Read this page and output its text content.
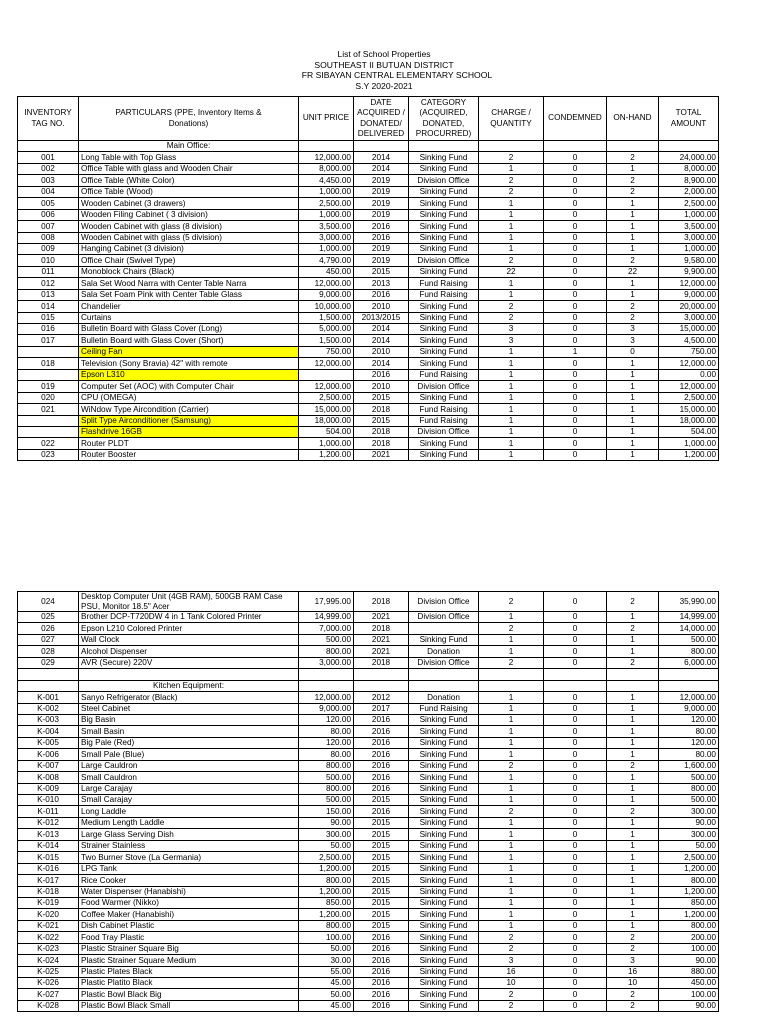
List of School Properties
SOUTHEAST II BUTUAN DISTRICT
FR SIBAYAN CENTRAL ELEMENTARY SCHOOL
S.Y 2020-2021
INVENTORY TAG NO.	PARTICULARS (PPE, Inventory Items & Donations)	UNIT PRICE	DATE ACQUIRED / DONATED/ DELIVERED	CATEGORY (ACQUIRED, DONATED, PROCURRED)	CHARGE / QUANTITY	CONDEMNED	ON-HAND	TOTAL AMOUNT
	Main Office:							
001	Long Table with Top Glass	12,000.00	2014	Sinking Fund	2	0	2	24,000.00
002	Office Table with glass and Wooden Chair	8,000.00	2014	Sinking Fund	1	0	1	8,000.00
003	Office Table (White Color)	4,450.00	2019	Division Office	2	0	2	8,900.00
004	Office Table (Wood)	1,000.00	2019	Sinking Fund	2	0	2	2,000.00
005	Wooden Cabinet (3 drawers)	2,500.00	2019	Sinking Fund	1	0	1	2,500.00
006	Wooden Filing Cabinet ( 3 division)	1,000.00	2019	Sinking Fund	1	0	1	1,000.00
007	Wooden Cabinet with glass (8 division)	3,500.00	2016	Sinking Fund	1	0	1	3,500.00
008	Wooden Cabinet with glass (5 division)	3,000.00	2016	Sinking Fund	1	0	1	3,000.00
009	Hanging Cabinet (3 division)	1,000.00	2019	Sinking Fund	1	0	1	1,000.00
010	Office Chair (Swivel Type)	4,790.00	2019	Division Office	2	0	2	9,580.00
011	Monoblock Chairs (Black)	450.00	2015	Sinking Fund	22	0	22	9,900.00
012	Sala Set Wood Narra with Center Table Narra	12,000.00	2013	Fund Raising	1	0	1	12,000.00
013	Sala Set Foam Pink with Center Table Glass	9,000.00	2016	Fund Raising	1	0	1	9,000.00
014	Chandelier	10,000.00	2010	Sinking Fund	2	0	2	20,000.00
015	Curtains	1,500.00	2013/2015	Sinking Fund	2	0	2	3,000.00
016	Bulletin Board with Glass Cover (Long)	5,000.00	2014	Sinking Fund	3	0	3	15,000.00
017	Bulletin Board with Glass Cover (Short)	1,500.00	2014	Sinking Fund	3	0	3	4,500.00
	Ceiling Fan	750.00	2010	Sinking Fund	1	1	0	750.00
018	Television (Sony Bravia) 42" with remote	12,000.00	2014	Sinking Fund	1	0	1	12,000.00
	Epson L310		2016	Fund Raising	1	0	1	0.00
019	Computer Set (AOC) with Computer Chair	12,000.00	2010	Division Office	1	0	1	12,000.00
020	CPU (OMEGA)	2,500.00	2015	Sinking Fund	1	0	1	2,500.00
021	WiNdow Type Aircondition (Carrier)	15,000.00	2018	Fund Raising	1	0	1	15,000.00
	Split Type Airconditioner (Samsung)	18,000.00	2015	Fund Raising	1	0	1	18,000.00
	Flashdrive 16GB	504.00	2018	Division Office	1	0	1	504.00
022	Router PLDT	1,000.00	2018	Sinking Fund	1	0	1	1,000.00
023	Router Booster	1,200.00	2021	Sinking Fund	1	0	1	1,200.00
024	Desktop Computer Unit (4GB RAM), 500GB RAM Case PSU, Monitor 18.5" Acer	17,995.00	2018	Division Office	2	0	2	35,990.00
025	Brother DCP-T720DW 4 in 1 Tank Colored Printer	14,999.00	2021	Division Office	1	0	1	14,999.00
026	Epson L210 Colored Printer	7,000.00	2018		2	0	2	14,000.00
027	Wall Clock	500.00	2021	Sinking Fund	1	0	1	500.00
028	Alcohol Dispenser	800.00	2021	Donation	1	0	1	800.00
029	AVR (Secure) 220V	3,000.00	2018	Division Office	2	0	2	6,000.00

	Kitchen Equipment:							
K-001	Sanyo Refrigerator (Black)	12,000.00	2012	Donation	1	0	1	12,000.00
K-002	Steel Cabinet	9,000.00	2017	Fund Raising	1	0	1	9,000.00
K-003	Big Basin	120.00	2016	Sinking Fund	1	0	1	120.00
K-004	Small Basin	80.00	2016	Sinking Fund	1	0	1	80.00
K-005	Big Pale (Red)	120.00	2016	Sinking Fund	1	0	1	120.00
K-006	Small Pale (Blue)	80.00	2016	Sinking Fund	1	0	1	80.00
K-007	Large Cauldron	800.00	2016	Sinking Fund	2	0	2	1,600.00
K-008	Small Cauldron	500.00	2016	Sinking Fund	1	0	1	500.00
K-009	Large Carajay	800.00	2016	Sinking Fund	1	0	1	800.00
K-010	Small Carajay	500.00	2015	Sinking Fund	1	0	1	500.00
K-011	Long Laddle	150.00	2016	Sinking Fund	2	0	2	300.00
K-012	Medium Length Laddle	90.00	2015	Sinking Fund	1	0	1	90.00
K-013	Large Glass Serving Dish	300.00	2015	Sinking Fund	1	0	1	300.00
K-014	Strainer Stainless	50.00	2015	Sinking Fund	1	0	1	50.00
K-015	Two Burner Stove (La Germania)	2,500.00	2015	Sinking Fund	1	0	1	2,500.00
K-016	LPG Tank	1,200.00	2015	Sinking Fund	1	0	1	1,200.00
K-017	Rice Cooker	800.00	2015	Sinking Fund	1	0	1	800.00
K-018	Water Dispenser (Hanabishi)	1,200.00	2015	Sinking Fund	1	0	1	1,200.00
K-019	Food Warmer (Nikko)	850.00	2015	Sinking Fund	1	0	1	850.00
K-020	Coffee Maker (Hanabishi)	1,200.00	2015	Sinking Fund	1	0	1	1,200.00
K-021	Dish Cabinet Plastic	800.00	2015	Sinking Fund	1	0	1	800.00
K-022	Food Tray Plastic	100.00	2016	Sinking Fund	2	0	2	200.00
K-023	Plastic Strainer Square Big	50.00	2016	Sinking Fund	2	0	2	100.00
K-024	Plastic Strainer Square Medium	30.00	2016	Sinking Fund	3	0	3	90.00
K-025	Plastic Plates Black	55.00	2016	Sinking Fund	16	0	16	880.00
K-026	Plastic Platito Black	45.00	2016	Sinking Fund	10	0	10	450.00
K-027	Plastic Bowl Black Big	50.00	2016	Sinking Fund	2	0	2	100.00
K-028	Plastic Bowl Black Small	45.00	2016	Sinking Fund	2	0	2	90.00
